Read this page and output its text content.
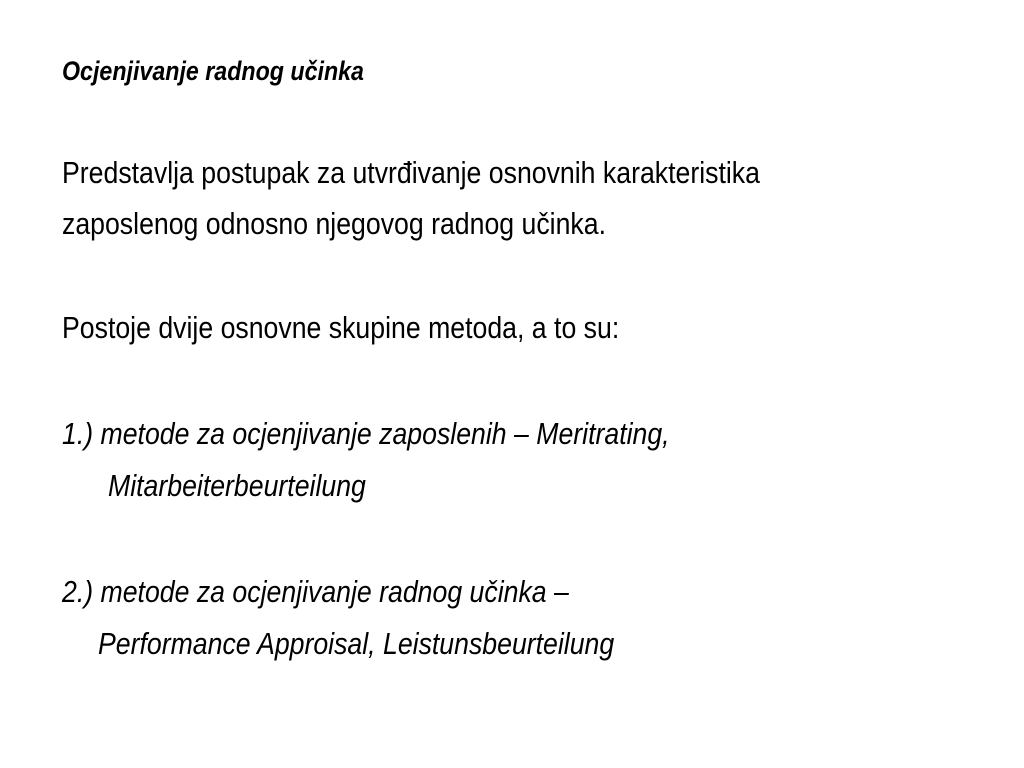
Ocjenjivanje radnog učinka
Predstavlja postupak za utvrđivanje osnovnih karakteristika
zaposlenog odnosno njegovog radnog učinka.
Postoje dvije osnovne skupine metoda, a to su:
1.) metode za ocjenjivanje zaposlenih – Meritrating,
Mitarbeiterbeurteilung
2.) metode za ocjenjivanje radnog učinka –
Performance Approisal, Leistunsbeurteilung
